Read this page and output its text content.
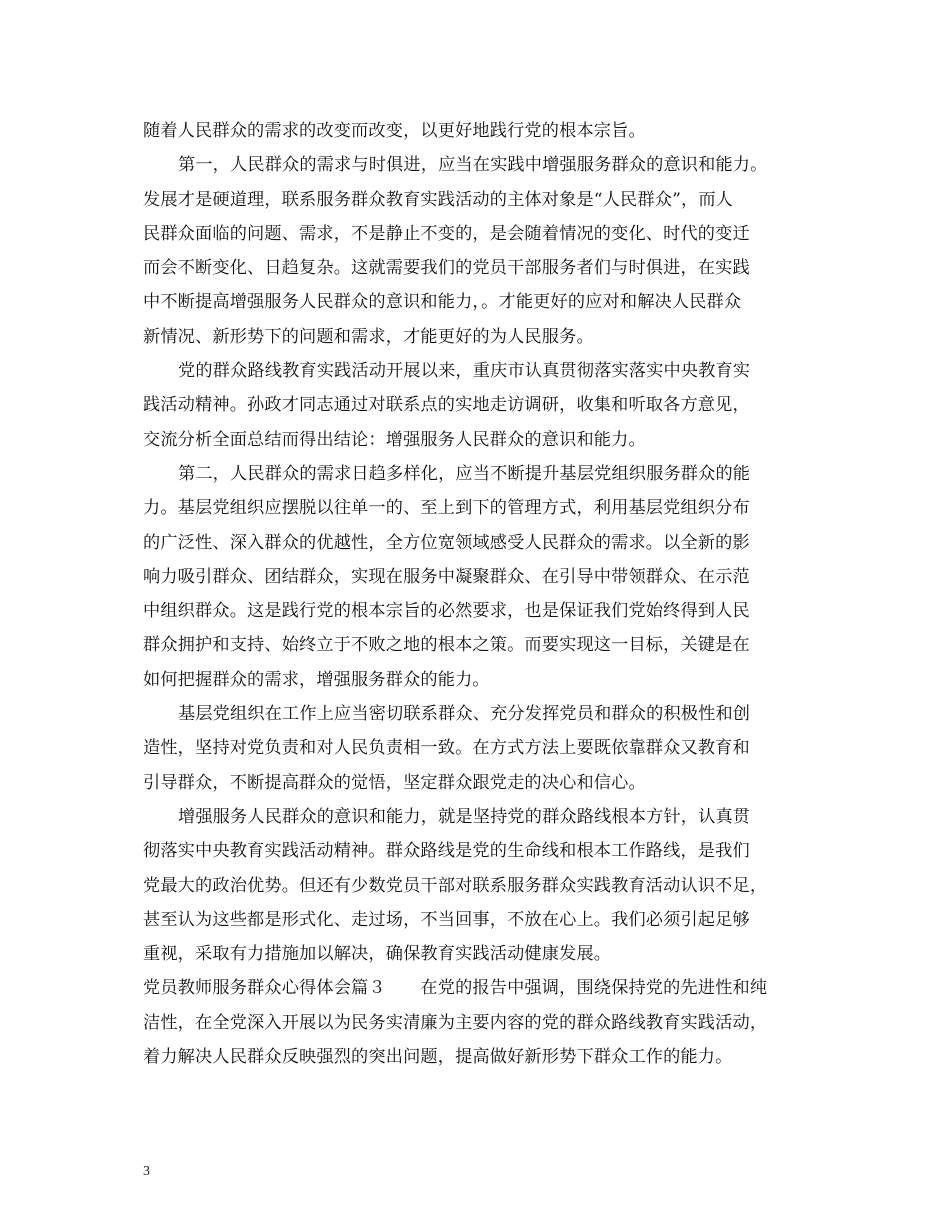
随着人民群众的需求的改变而改变，以更好地践行党的根本宗旨。
第一，人民群众的需求与时俱进，应当在实践中增强服务群众的意识和能力。
发展才是硬道理，联系服务群众教育实践活动的主体对象是“人民群众”，而人
民群众面临的问题、需求，不是静止不变的，是会随着情况的变化、时代的变迁
而会不断变化、日趋复杂。这就需要我们的党员干部服务者们与时俱进，在实践
中不断提高增强服务人民群众的意识和能力，。才能更好的应对和解决人民群众
新情况、新形势下的问题和需求，才能更好的为人民服务。
党的群众路线教育实践活动开展以来，重庆市认真贯彻落实落实中央教育实
践活动精神。孙政才同志通过对联系点的实地走访调研，收集和听取各方意见，
交流分析全面总结而得出结论：增强服务人民群众的意识和能力。
第二，人民群众的需求日趋多样化，应当不断提升基层党组织服务群众的能
力。基层党组织应摆脱以往单一的、至上到下的管理方式，利用基层党组织分布
的广泛性、深入群众的优越性，全方位宽领域感受人民群众的需求。以全新的影
响力吸引群众、团结群众，实现在服务中凝聚群众、在引导中带领群众、在示范
中组织群众。这是践行党的根本宗旨的必然要求，也是保证我们党始终得到人民
群众拥护和支持、始终立于不败之地的根本之策。而要实现这一目标，关键是在
如何把握群众的需求，增强服务群众的能力。
基层党组织在工作上应当密切联系群众、充分发挥党员和群众的积极性和创
造性，坚持对党负责和对人民负责相一致。在方式方法上要既依靠群众又教育和
引导群众，不断提高群众的觉悟，坚定群众跟党走的决心和信心。
增强服务人民群众的意识和能力，就是坚持党的群众路线根本方针，认真贯
彻落实中央教育实践活动精神。群众路线是党的生命线和根本工作路线，是我们
党最大的政治优势。但还有少数党员干部对联系服务群众实践教育活动认识不足，
甚至认为这些都是形式化、走过场，不当回事，不放在心上。我们必须引起足够
重视，采取有力措施加以解决，确保教育实践活动健康发展。
党员教师服务群众心得体会篇３　　在党的报告中强调，围绕保持党的先进性和纯
洁性，在全党深入开展以为民务实清廉为主要内容的党的群众路线教育实践活动，
着力解决人民群众反映强烈的突出问题，提高做好新形势下群众工作的能力。
3
